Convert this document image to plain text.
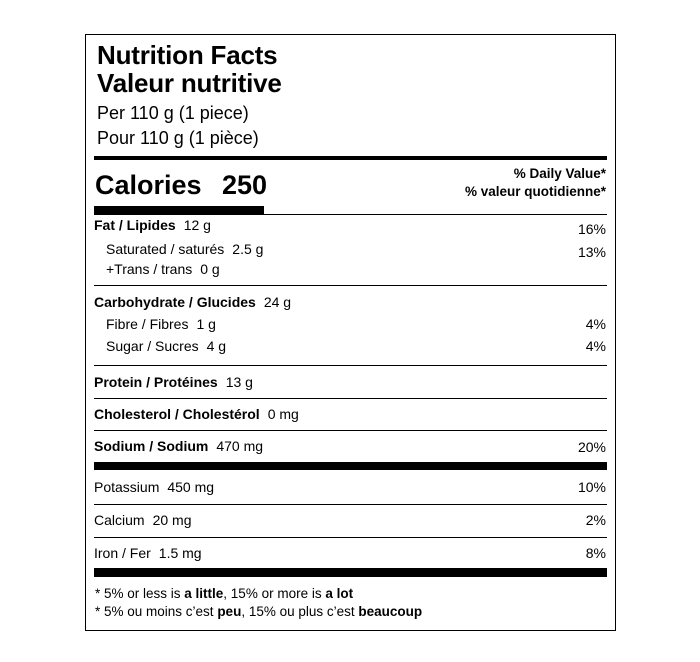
Nutrition Facts
Valeur nutritive
Per 110 g (1 piece)
Pour 110 g (1 pièce)
Calories 250	% Daily Value*
% valeur quotidienne*
Fat / Lipides 12 g	16%
Saturated / saturés 2.5 g	13%
+Trans / trans 0 g
Carbohydrate / Glucides 24 g
Fibre / Fibres 1 g	4%
Sugar / Sucres 4 g	4%
Protein / Protéines 13 g
Cholesterol / Cholestérol 0 mg
Sodium / Sodium 470 mg	20%
Potassium 450 mg	10%
Calcium 20 mg	2%
Iron / Fer 1.5 mg	8%
* 5% or less is a little, 15% or more is a lot
* 5% ou moins c’est peu, 15% ou plus c’est beaucoup
